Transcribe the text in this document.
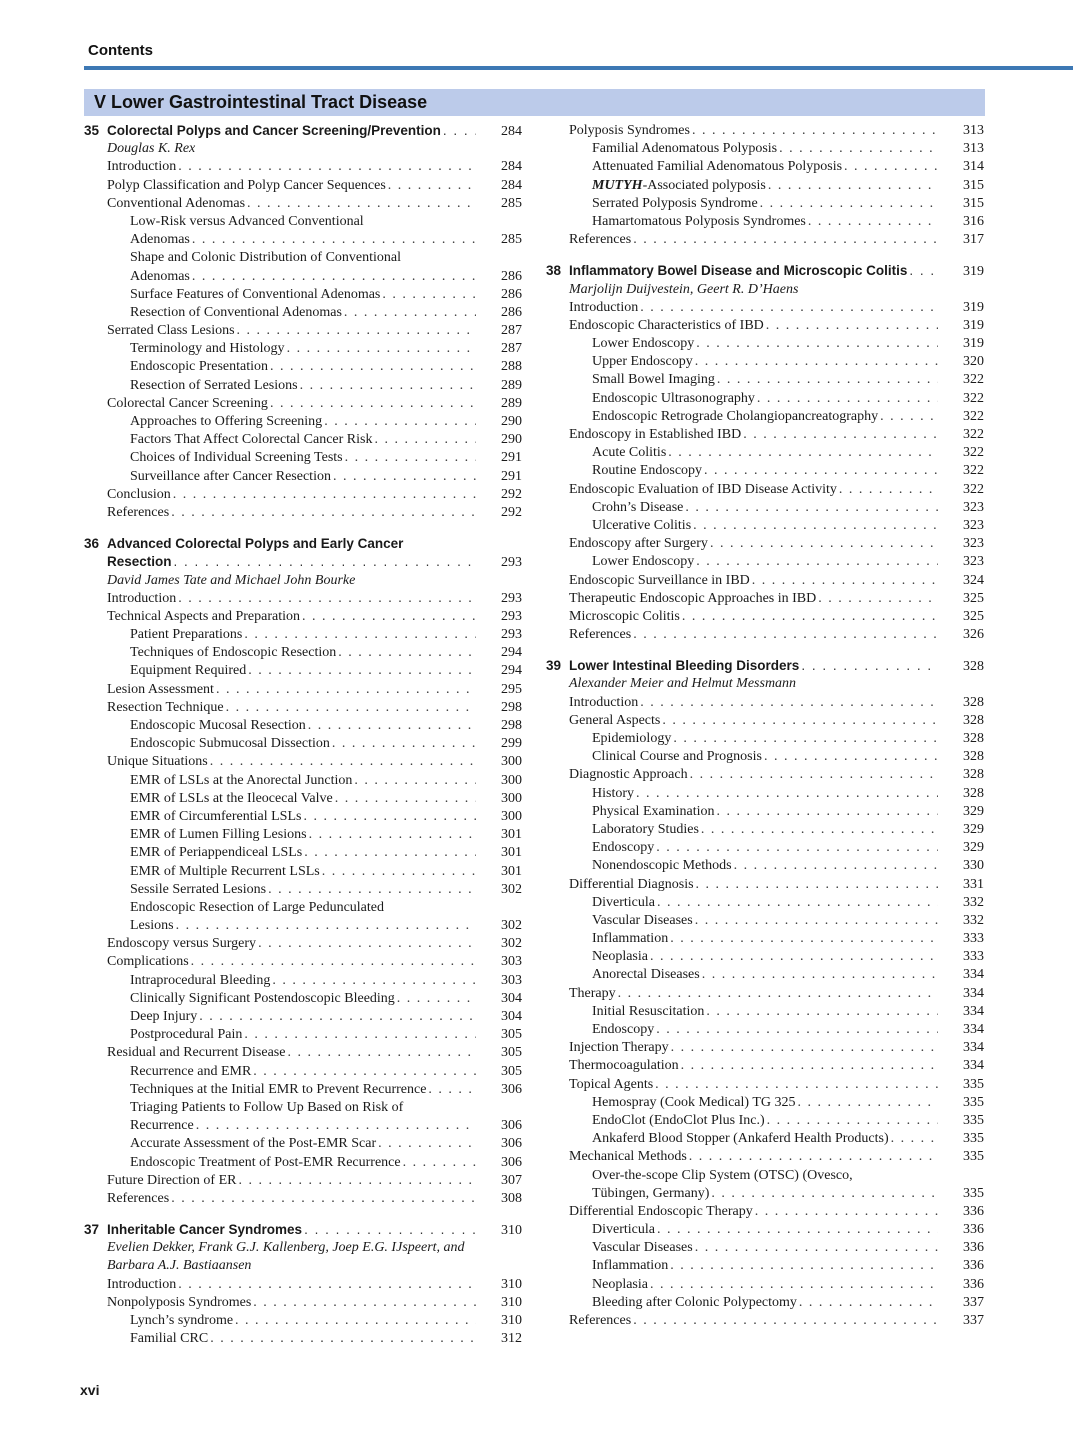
Contents
V Lower Gastrointestinal Tract Disease
35 Colorectal Polyps and Cancer Screening/Prevention . . .	284
Douglas K. Rex
Introduction . . .	284
Polyp Classification and Polyp Cancer Sequences . . .	284
Conventional Adenomas . . .	285
Low-Risk versus Advanced Conventional
Adenomas . . .	285
Shape and Colonic Distribution of Conventional
Adenomas . . .	286
Surface Features of Conventional Adenomas . . .	286
Resection of Conventional Adenomas . . .	286
Serrated Class Lesions . . .	287
Terminology and Histology . . .	287
Endoscopic Presentation . . .	288
Resection of Serrated Lesions . . .	289
Colorectal Cancer Screening . . .	289
Approaches to Offering Screening . . .	290
Factors That Affect Colorectal Cancer Risk . . .	290
Choices of Individual Screening Tests . . .	291
Surveillance after Cancer Resection . . .	291
Conclusion . . .	292
References . . .	292
36 Advanced Colorectal Polyps and Early Cancer
Resection . . .	293
David James Tate and Michael John Bourke
Introduction . . .	293
Technical Aspects and Preparation . . .	293
Patient Preparations . . .	293
Techniques of Endoscopic Resection . . .	294
Equipment Required . . .	294
Lesion Assessment . . .	295
Resection Technique . . .	298
Endoscopic Mucosal Resection . . .	298
Endoscopic Submucosal Dissection . . .	299
Unique Situations . . .	300
EMR of LSLs at the Anorectal Junction . . .	300
EMR of LSLs at the Ileocecal Valve . . .	300
EMR of Circumferential LSLs . . .	300
EMR of Lumen Filling Lesions . . .	301
EMR of Periappendiceal LSLs . . .	301
EMR of Multiple Recurrent LSLs . . .	301
Sessile Serrated Lesions . . .	302
Endoscopic Resection of Large Pedunculated
Lesions . . .	302
Endoscopy versus Surgery . . .	302
Complications . . .	303
Intraprocedural Bleeding . . .	303
Clinically Significant Postendoscopic Bleeding . . .	304
Deep Injury . . .	304
Postprocedural Pain . . .	305
Residual and Recurrent Disease . . .	305
Recurrence and EMR . . .	305
Techniques at the Initial EMR to Prevent Recurrence . . .	306
Triaging Patients to Follow Up Based on Risk of
Recurrence . . .	306
Accurate Assessment of the Post-EMR Scar . . .	306
Endoscopic Treatment of Post-EMR Recurrence . . .	306
Future Direction of ER . . .	307
References . . .	308
37 Inheritable Cancer Syndromes . . .	310
Evelien Dekker, Frank G.J. Kallenberg, Joep E.G. IJspeert, and
Barbara A.J. Bastiaansen
Introduction . . .	310
Nonpolyposis Syndromes . . .	310
Lynch’s syndrome . . .	310
Familial CRC . . .	312
Polyposis Syndromes . . .	313
Familial Adenomatous Polyposis . . .	313
Attenuated Familial Adenomatous Polyposis . . .	314
MUTYH-Associated polyposis . . .	315
Serrated Polyposis Syndrome . . .	315
Hamartomatous Polyposis Syndromes . . .	316
References . . .	317
38 Inflammatory Bowel Disease and Microscopic Colitis . . .	319
Marjolijn Duijvestein, Geert R. D’Haens
Introduction . . .	319
Endoscopic Characteristics of IBD . . .	319
Lower Endoscopy . . .	319
Upper Endoscopy . . .	320
Small Bowel Imaging . . .	322
Endoscopic Ultrasonography . . .	322
Endoscopic Retrograde Cholangiopancreatography . . .	322
Endoscopy in Established IBD . . .	322
Acute Colitis . . .	322
Routine Endoscopy . . .	322
Endoscopic Evaluation of IBD Disease Activity . . .	322
Crohn’s Disease . . .	323
Ulcerative Colitis . . .	323
Endoscopy after Surgery . . .	323
Lower Endoscopy . . .	323
Endoscopic Surveillance in IBD . . .	324
Therapeutic Endoscopic Approaches in IBD . . .	325
Microscopic Colitis . . .	325
References . . .	326
39 Lower Intestinal Bleeding Disorders . . .	328
Alexander Meier and Helmut Messmann
Introduction . . .	328
General Aspects . . .	328
Epidemiology . . .	328
Clinical Course and Prognosis . . .	328
Diagnostic Approach . . .	328
History . . .	328
Physical Examination . . .	329
Laboratory Studies . . .	329
Endoscopy . . .	329
Nonendoscopic Methods . . .	330
Differential Diagnosis . . .	331
Diverticula . . .	332
Vascular Diseases . . .	332
Inflammation . . .	333
Neoplasia . . .	333
Anorectal Diseases . . .	334
Therapy . . .	334
Initial Resuscitation . . .	334
Endoscopy . . .	334
Injection Therapy . . .	334
Thermocoagulation . . .	334
Topical Agents . . .	335
Hemospray (Cook Medical) TG 325 . . .	335
EndoClot (EndoClot Plus Inc.) . . .	335
Ankaferd Blood Stopper (Ankaferd Health Products) . . .	335
Mechanical Methods . . .	335
Over-the-scope Clip System (OTSC) (Ovesco,
Tübingen, Germany) . . .	335
Differential Endoscopic Therapy . . .	336
Diverticula . . .	336
Vascular Diseases . . .	336
Inflammation . . .	336
Neoplasia . . .	336
Bleeding after Colonic Polypectomy . . .	337
References . . .	337
xvi
